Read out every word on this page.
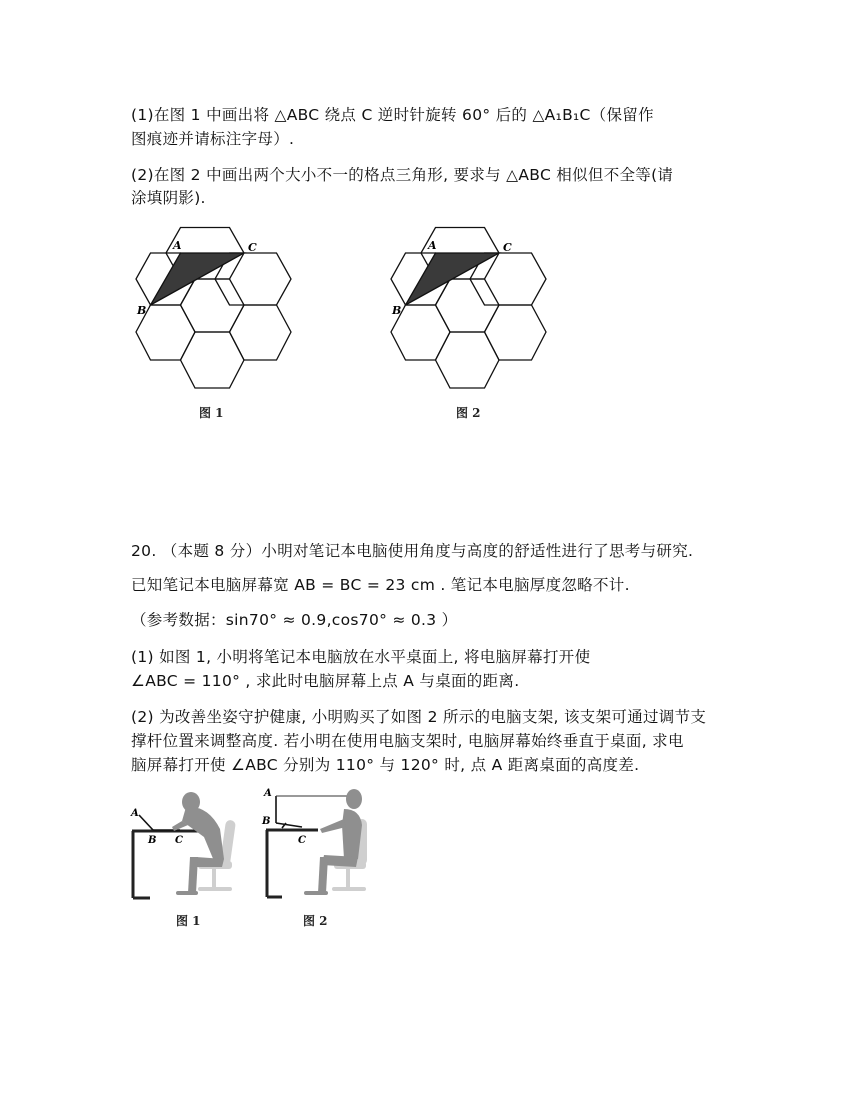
(1)在图 1 中画出将 △ABC 绕点 C 逆时针旋转 60° 后的 △A₁B₁C（保留作
图痕迹并请标注字母）.
(2)在图 2 中画出两个大小不一的格点三角形, 要求与 △ABC 相似但不全等(请
涂填阴影).
A	C
B
图 1
A	C
B
图 2
20. （本题 8 分）小明对笔记本电脑使用角度与高度的舒适性进行了思考与研究.
已知笔记本电脑屏幕宽 AB = BC = 23 cm . 笔记本电脑厚度忽略不计.
（参考数据：sin70° ≈ 0.9,cos70° ≈ 0.3 ）
(1) 如图 1, 小明将笔记本电脑放在水平桌面上, 将电脑屏幕打开使
∠ABC = 110° , 求此时电脑屏幕上点 A 与桌面的距离.
(2) 为改善坐姿守护健康, 小明购买了如图 2 所示的电脑支架, 该支架可通过调节支
撑杆位置来调整高度. 若小明在使用电脑支架时, 电脑屏幕始终垂直于桌面, 求电
脑屏幕打开使 ∠ABC 分别为 110° 与 120° 时, 点 A 距离桌面的高度差.
A
B C
图 1
A
B
C
图 2
